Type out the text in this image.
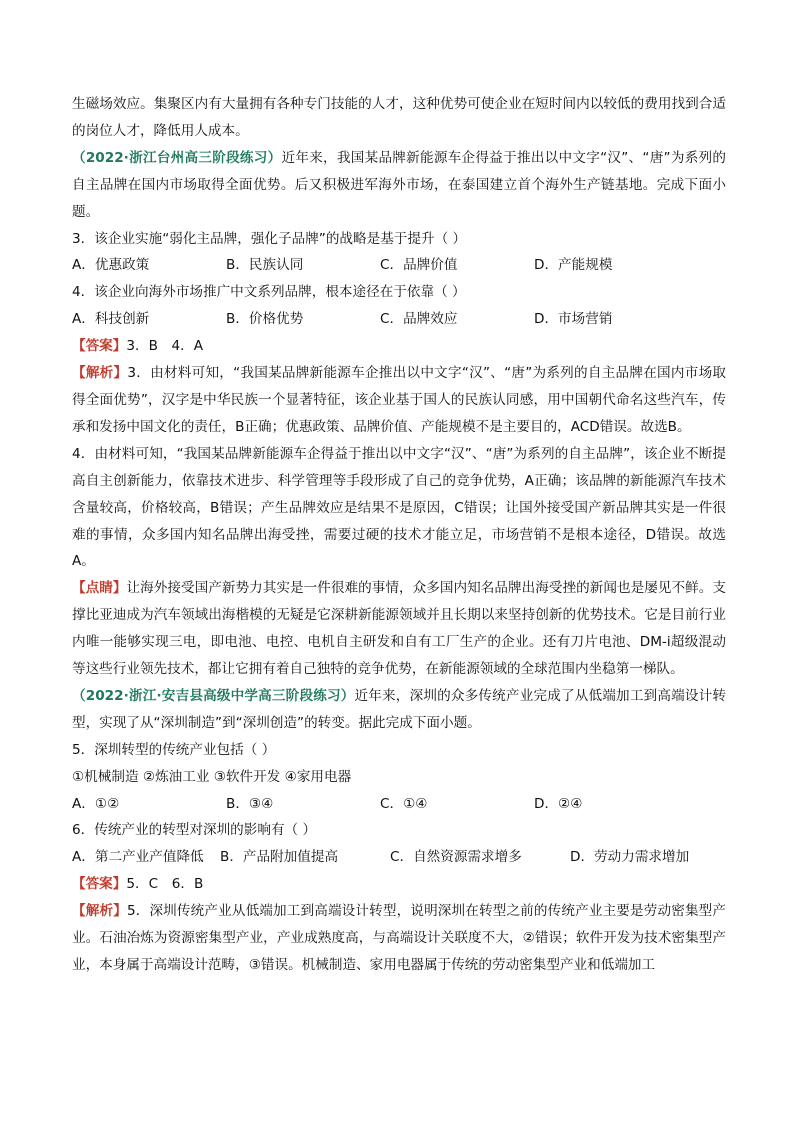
生磁场效应。集聚区内有大量拥有各种专门技能的人才，这种优势可使企业在短时间内以较低的费用找到合适的岗位人才，降低用人成本。

（2022·浙江台州高三阶段练习）近年来，我国某品牌新能源车企得益于推出以中文字“汉”、“唐”为系列的自主品牌在国内市场取得全面优势。后又积极进军海外市场，在泰国建立首个海外生产链基地。完成下面小题。

3．该企业实施“弱化主品牌，强化子品牌”的战略是基于提升（ ）

A．优惠政策	B．民族认同	C．品牌价值	D．产能规模

4．该企业向海外市场推广中文系列品牌，根本途径在于依靠（ ）

A．科技创新	B．价格优势	C．品牌效应	D．市场营销

【答案】3．B　4．A

【解析】3．由材料可知，“我国某品牌新能源车企推出以中文字“汉”、“唐”为系列的自主品牌在国内市场取得全面优势”，汉字是中华民族一个显著特征，该企业基于国人的民族认同感，用中国朝代命名这些汽车，传承和发扬中国文化的责任，B正确；优惠政策、品牌价值、产能规模不是主要目的，ACD错误。故选B。

4．由材料可知，“我国某品牌新能源车企得益于推出以中文字“汉”、“唐”为系列的自主品牌”，该企业不断提高自主创新能力，依靠技术进步、科学管理等手段形成了自己的竞争优势，A正确；该品牌的新能源汽车技术含量较高，价格较高，B错误；产生品牌效应是结果不是原因，C错误；让国外接受国产新品牌其实是一件很难的事情，众多国内知名品牌出海受挫，需要过硬的技术才能立足，市场营销不是根本途径，D错误。故选A。

【点睛】让海外接受国产新势力其实是一件很难的事情，众多国内知名品牌出海受挫的新闻也是屡见不鲜。支撑比亚迪成为汽车领域出海楷模的无疑是它深耕新能源领域并且长期以来坚持创新的优势技术。它是目前行业内唯一能够实现三电，即电池、电控、电机自主研发和自有工厂生产的企业。还有刀片电池、DM-i超级混动等这些行业领先技术，都让它拥有着自己独特的竞争优势，在新能源领域的全球范围内坐稳第一梯队。

（2022·浙江·安吉县高级中学高三阶段练习）近年来，深圳的众多传统产业完成了从低端加工到高端设计转型，实现了从“深圳制造”到“深圳创造”的转变。据此完成下面小题。

5．深圳转型的传统产业包括（ ）

①机械制造 ②炼油工业 ③软件开发 ④家用电器

A．①②	B．③④	C．①④	D．②④

6．传统产业的转型对深圳的影响有（ ）

A．第二产业产值降低	B．产品附加值提高	C．自然资源需求增多	D．劳动力需求增加

【答案】5．C　6．B

【解析】5．深圳传统产业从低端加工到高端设计转型，说明深圳在转型之前的传统产业主要是劳动密集型产业。石油冶炼为资源密集型产业，产业成熟度高，与高端设计关联度不大，②错误；软件开发为技术密集型产业，本身属于高端设计范畴，③错误。机械制造、家用电器属于传统的劳动密集型产业和低端加工
